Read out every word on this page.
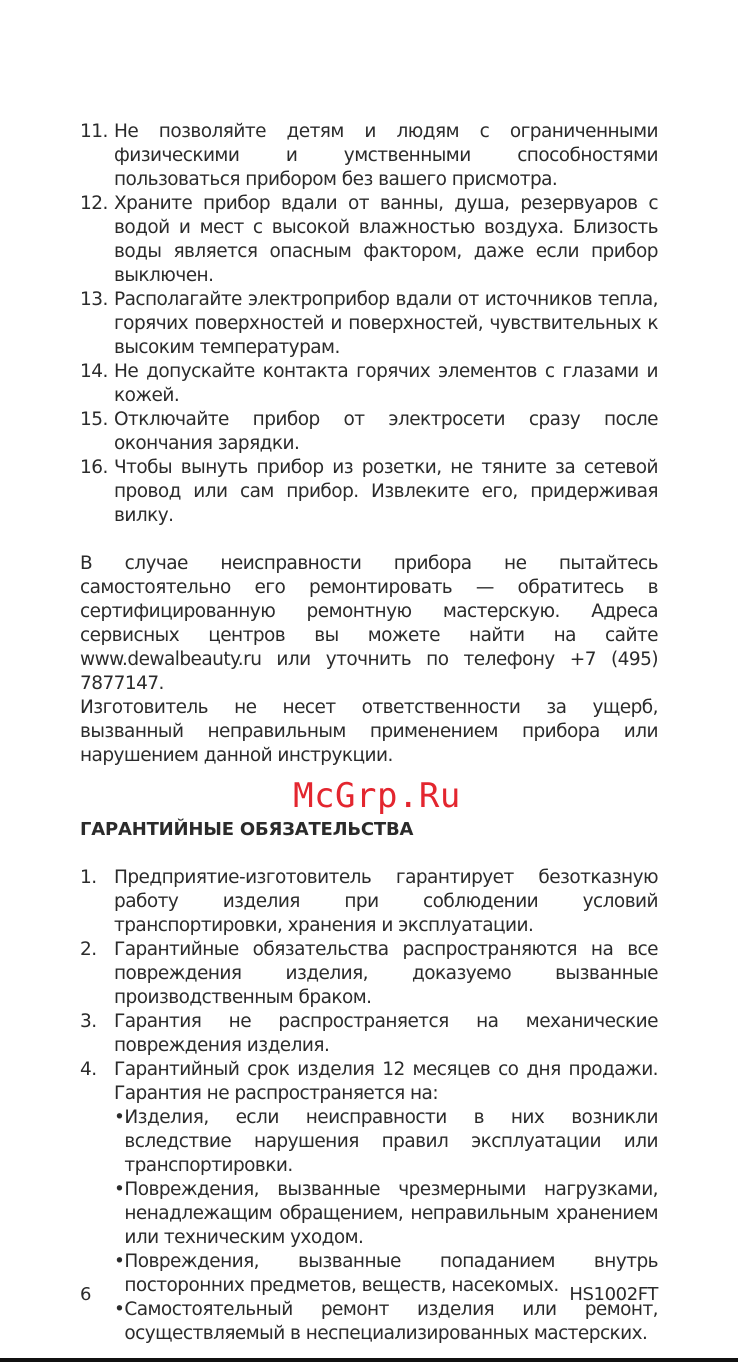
11. Не позволяйте детям и людям с ограниченными физическими и умственными способностями пользоваться прибором без вашего присмотра.
12. Храните прибор вдали от ванны, душа, резервуаров с водой и мест с высокой влажностью воздуха. Близость воды является опасным фактором, даже если прибор выключен.
13. Располагайте электроприбор вдали от источников тепла, горячих поверхностей и поверхностей, чувствительных к высоким температурам.
14. Не допускайте контакта горячих элементов с глазами и кожей.
15. Отключайте прибор от электросети сразу после окончания зарядки.
16. Чтобы вынуть прибор из розетки, не тяните за сетевой провод или сам прибор. Извлеките его, придерживая вилку.

В случае неисправности прибора не пытайтесь самостоятельно его ремонтировать — обратитесь в сертифицированную ремонтную мастерскую. Адреса сервисных центров вы можете найти на сайте www.dewalbeauty.ru или уточнить по телефону +7 (495) 7877147.

Изготовитель не несет ответственности за ущерб, вызванный неправильным применением прибора или нарушением данной инструкции.

McGrp.Ru
ГАРАНТИЙНЫЕ ОБЯЗАТЕЛЬСТВА
1. Предприятие-изготовитель гарантирует безотказную работу изделия при соблюдении условий транспортировки, хранения и эксплуатации.
2. Гарантийные обязательства распространяются на все повреждения изделия, доказуемо вызванные производственным браком.
3. Гарантия не распространяется на механические повреждения изделия.
4. Гарантийный срок изделия 12 месяцев со дня продажи. Гарантия не распространяется на:
• Изделия, если неисправности в них возникли вследствие нарушения правил эксплуатации или транспортировки.
• Повреждения, вызванные чрезмерными нагрузками, ненадлежащим обращением, неправильным хранением или техническим уходом.
• Повреждения, вызванные попаданием внутрь посторонних предметов, веществ, насекомых.
• Самостоятельный ремонт изделия или ремонт, осуществляемый в неспециализированных мастерских.
6	HS1002FT
